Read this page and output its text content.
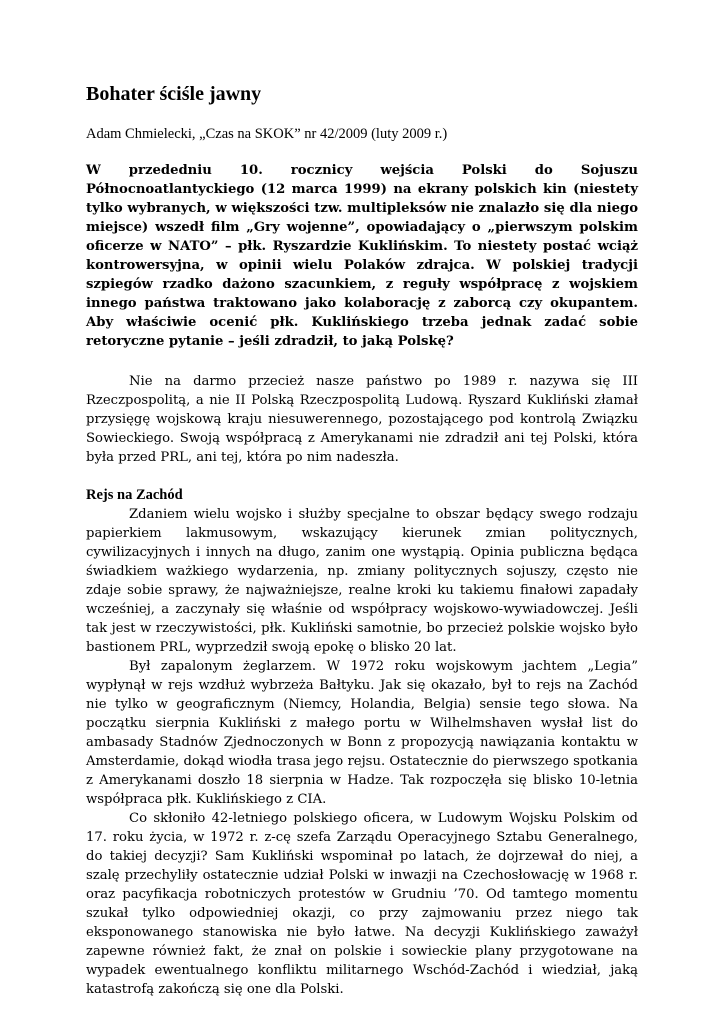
Bohater ściśle jawny

Adam Chmielecki, „Czas na SKOK” nr 42/2009 (luty 2009 r.)

W przededniu 10. rocznicy wejścia Polski do Sojuszu Północnoatlantyckiego (12 marca 1999) na ekrany polskich kin (niestety tylko wybranych, w większości tzw. multipleksów nie znalazło się dla niego miejsce) wszedł film „Gry wojenne”, opowiadający o „pierwszym polskim oficerze w NATO” – płk. Ryszardzie Kuklińskim. To niestety postać wciąż kontrowersyjna, w opinii wielu Polaków zdrajca. W polskiej tradycji szpiegów rzadko dażono szacunkiem, z reguły współpracę z wojskiem innego państwa traktowano jako kolaborację z zaborcą czy okupantem. Aby właściwie ocenić płk. Kuklińskiego trzeba jednak zadać sobie retoryczne pytanie – jeśli zdradził, to jaką Polskę?

Nie na darmo przecież nasze państwo po 1989 r. nazywa się III Rzeczpospolitą, a nie II Polską Rzeczpospolitą Ludową. Ryszard Kukliński złamał przysięgę wojskową kraju niesuwerennego, pozostającego pod kontrolą Związku Sowieckiego. Swoją współpracą z Amerykanami nie zdradził ani tej Polski, która była przed PRL, ani tej, która po nim nadeszła.

Rejs na Zachód

Zdaniem wielu wojsko i służby specjalne to obszar będący swego rodzaju papierkiem lakmusowym, wskazujący kierunek zmian politycznych, cywilizacyjnych i innych na długo, zanim one wystąpią. Opinia publiczna będąca świadkiem ważkiego wydarzenia, np. zmiany politycznych sojuszy, często nie zdaje sobie sprawy, że najważniejsze, realne kroki ku takiemu finałowi zapadały wcześniej, a zaczynały się właśnie od współpracy wojskowo-wywiadowczej. Jeśli tak jest w rzeczywistości, płk. Kukliński samotnie, bo przecież polskie wojsko było bastionem PRL, wyprzedził swoją epokę o blisko 20 lat.

Był zapalonym żeglarzem. W 1972 roku wojskowym jachtem „Legia” wypłynął w rejs wzdłuż wybrzeża Bałtyku. Jak się okazało, był to rejs na Zachód nie tylko w geograficznym (Niemcy, Holandia, Belgia) sensie tego słowa. Na początku sierpnia Kukliński z małego portu w Wilhelmshaven wysłał list do ambasady Stadnów Zjednoczonych w Bonn z propozycją nawiązania kontaktu w Amsterdamie, dokąd wiodła trasa jego rejsu. Ostatecznie do pierwszego spotkania z Amerykanami doszło 18 sierpnia w Hadze. Tak rozpoczęła się blisko 10-letnia współpraca płk. Kuklińskiego z CIA.

Co skłoniło 42-letniego polskiego oficera, w Ludowym Wojsku Polskim od 17. roku życia, w 1972 r. z-cę szefa Zarządu Operacyjnego Sztabu Generalnego, do takiej decyzji? Sam Kukliński wspominał po latach, że dojrzewał do niej, a szalę przechyliły ostatecznie udział Polski w inwazji na Czechosłowację w 1968 r. oraz pacyfikacja robotniczych protestów w Grudniu ’70. Od tamtego momentu szukał tylko odpowiedniej okazji, co przy zajmowaniu przez niego tak eksponowanego stanowiska nie było łatwe. Na decyzji Kuklińskiego zaważył zapewne również fakt, że znał on polskie i sowieckie plany przygotowane na wypadek ewentualnego konfliktu militarnego Wschód-Zachód i wiedział, jaką katastrofą zakończą się one dla Polski.
